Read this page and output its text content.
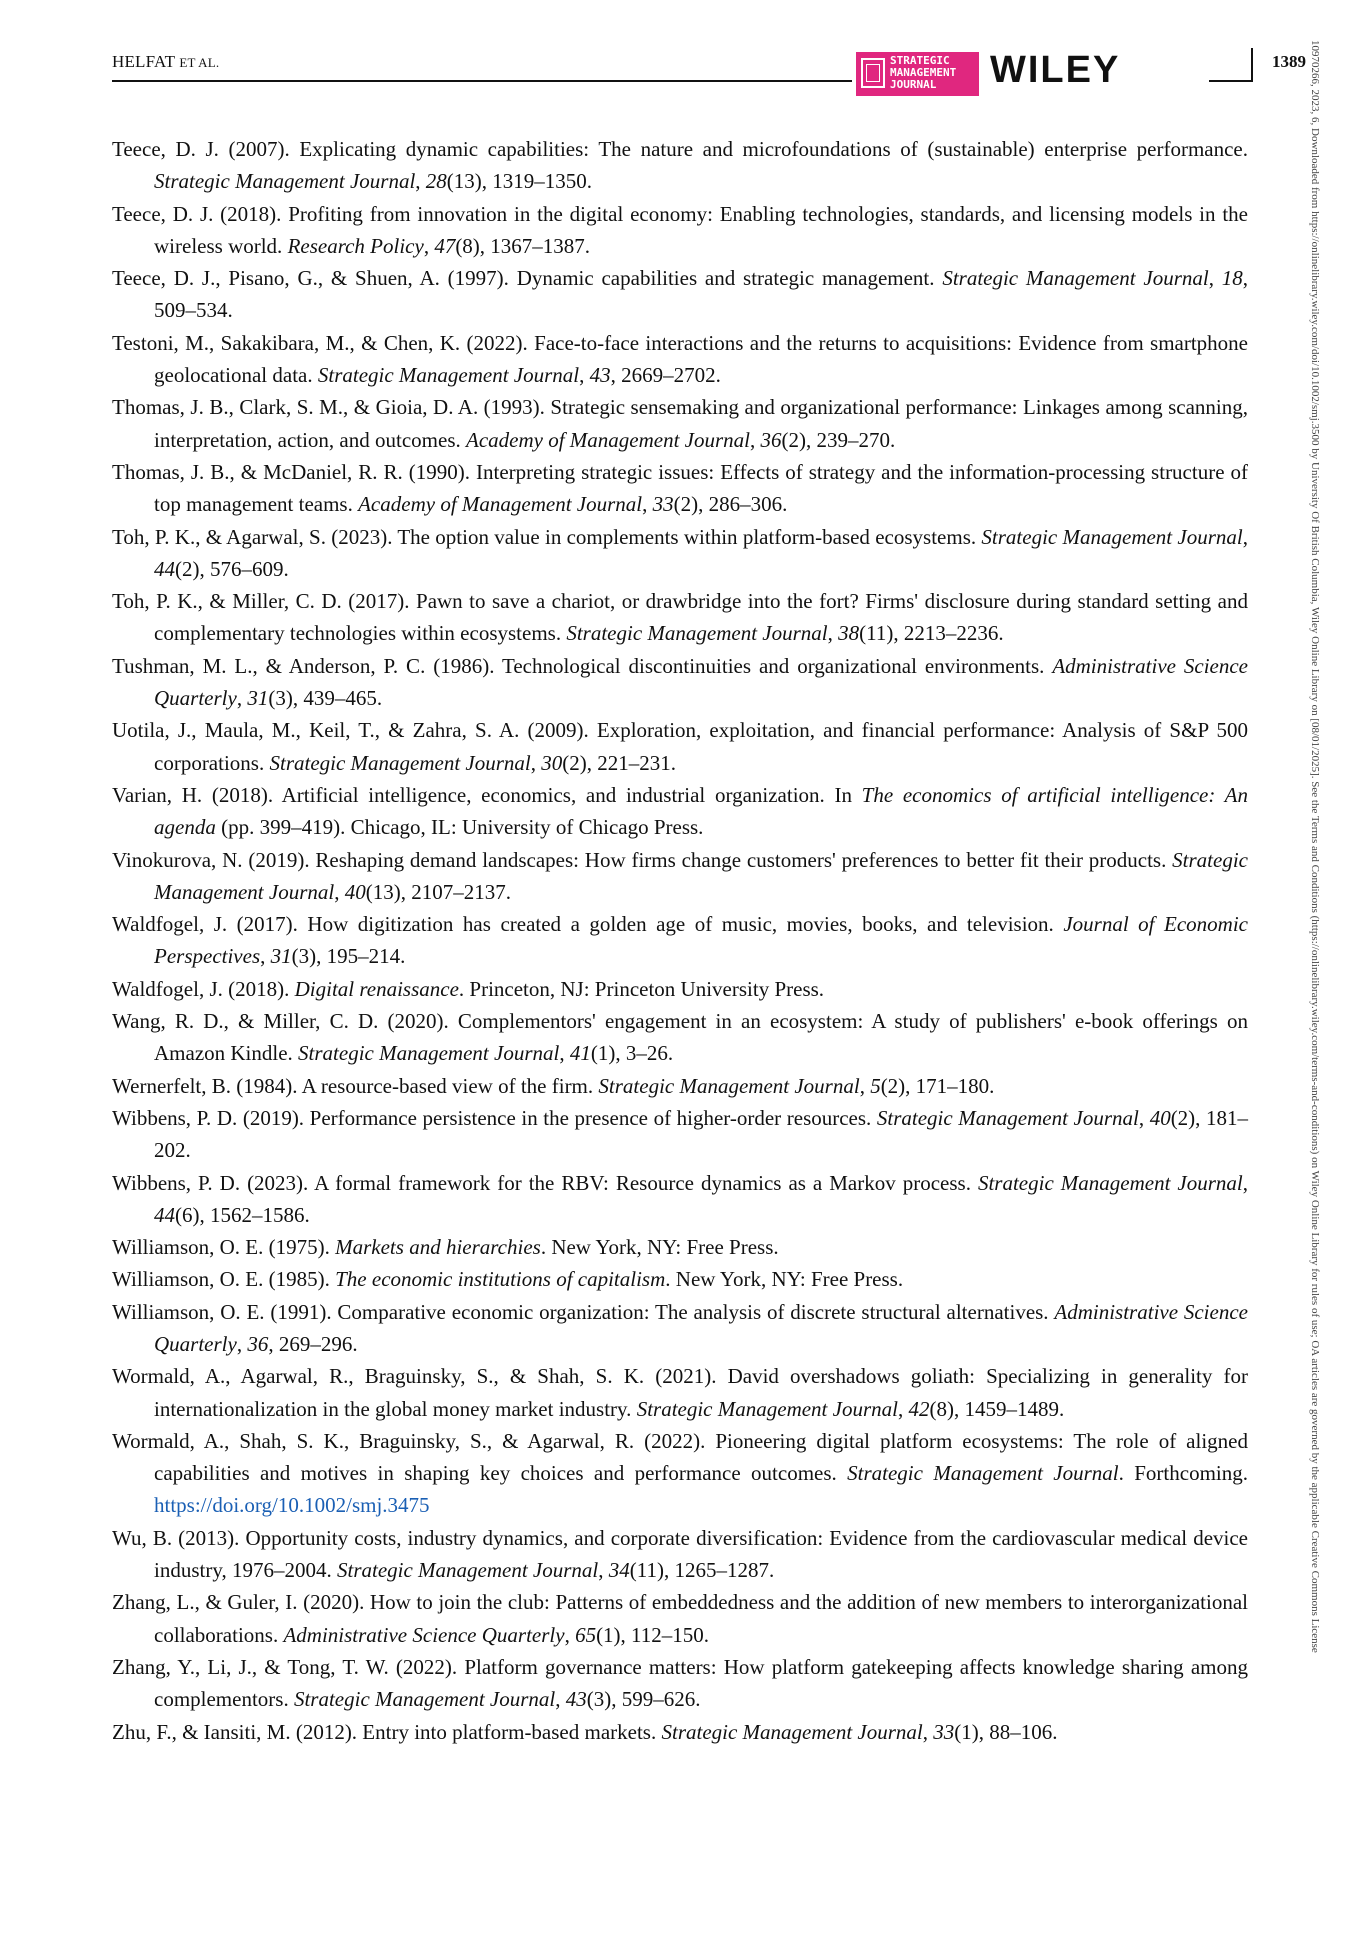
HELFAT ET AL.	STRATEGIC
MANAGEMENT
JOURNAL	WILEY	1389
Teece, D. J. (2007). Explicating dynamic capabilities: The nature and microfoundations of (sustainable) enterprise performance. Strategic Management Journal, 28(13), 1319–1350.
Teece, D. J. (2018). Profiting from innovation in the digital economy: Enabling technologies, standards, and licensing models in the wireless world. Research Policy, 47(8), 1367–1387.
Teece, D. J., Pisano, G., & Shuen, A. (1997). Dynamic capabilities and strategic management. Strategic Management Journal, 18, 509–534.
Testoni, M., Sakakibara, M., & Chen, K. (2022). Face-to-face interactions and the returns to acquisitions: Evidence from smartphone geolocational data. Strategic Management Journal, 43, 2669–2702.
Thomas, J. B., Clark, S. M., & Gioia, D. A. (1993). Strategic sensemaking and organizational performance: Linkages among scanning, interpretation, action, and outcomes. Academy of Management Journal, 36(2), 239–270.
Thomas, J. B., & McDaniel, R. R. (1990). Interpreting strategic issues: Effects of strategy and the information-processing structure of top management teams. Academy of Management Journal, 33(2), 286–306.
Toh, P. K., & Agarwal, S. (2023). The option value in complements within platform-based ecosystems. Strategic Management Journal, 44(2), 576–609.
Toh, P. K., & Miller, C. D. (2017). Pawn to save a chariot, or drawbridge into the fort? Firms' disclosure during standard setting and complementary technologies within ecosystems. Strategic Management Journal, 38(11), 2213–2236.
Tushman, M. L., & Anderson, P. C. (1986). Technological discontinuities and organizational environments. Administrative Science Quarterly, 31(3), 439–465.
Uotila, J., Maula, M., Keil, T., & Zahra, S. A. (2009). Exploration, exploitation, and financial performance: Analysis of S&P 500 corporations. Strategic Management Journal, 30(2), 221–231.
Varian, H. (2018). Artificial intelligence, economics, and industrial organization. In The economics of artificial intelligence: An agenda (pp. 399–419). Chicago, IL: University of Chicago Press.
Vinokurova, N. (2019). Reshaping demand landscapes: How firms change customers' preferences to better fit their products. Strategic Management Journal, 40(13), 2107–2137.
Waldfogel, J. (2017). How digitization has created a golden age of music, movies, books, and television. Journal of Economic Perspectives, 31(3), 195–214.
Waldfogel, J. (2018). Digital renaissance. Princeton, NJ: Princeton University Press.
Wang, R. D., & Miller, C. D. (2020). Complementors' engagement in an ecosystem: A study of publishers' e-book offerings on Amazon Kindle. Strategic Management Journal, 41(1), 3–26.
Wernerfelt, B. (1984). A resource-based view of the firm. Strategic Management Journal, 5(2), 171–180.
Wibbens, P. D. (2019). Performance persistence in the presence of higher-order resources. Strategic Management Journal, 40(2), 181–202.
Wibbens, P. D. (2023). A formal framework for the RBV: Resource dynamics as a Markov process. Strategic Management Journal, 44(6), 1562–1586.
Williamson, O. E. (1975). Markets and hierarchies. New York, NY: Free Press.
Williamson, O. E. (1985). The economic institutions of capitalism. New York, NY: Free Press.
Williamson, O. E. (1991). Comparative economic organization: The analysis of discrete structural alternatives. Administrative Science Quarterly, 36, 269–296.
Wormald, A., Agarwal, R., Braguinsky, S., & Shah, S. K. (2021). David overshadows goliath: Specializing in generality for internationalization in the global money market industry. Strategic Management Journal, 42(8), 1459–1489.
Wormald, A., Shah, S. K., Braguinsky, S., & Agarwal, R. (2022). Pioneering digital platform ecosystems: The role of aligned capabilities and motives in shaping key choices and performance outcomes. Strategic Management Journal. Forthcoming. https://doi.org/10.1002/smj.3475
Wu, B. (2013). Opportunity costs, industry dynamics, and corporate diversification: Evidence from the cardiovascular medical device industry, 1976–2004. Strategic Management Journal, 34(11), 1265–1287.
Zhang, L., & Guler, I. (2020). How to join the club: Patterns of embeddedness and the addition of new members to interorganizational collaborations. Administrative Science Quarterly, 65(1), 112–150.
Zhang, Y., Li, J., & Tong, T. W. (2022). Platform governance matters: How platform gatekeeping affects knowledge sharing among complementors. Strategic Management Journal, 43(3), 599–626.
Zhu, F., & Iansiti, M. (2012). Entry into platform-based markets. Strategic Management Journal, 33(1), 88–106.
10970266, 2023, 6, Downloaded from https://onlinelibrary.wiley.com/doi/10.1002/smj.3500 by University Of British Columbia, Wiley Online Library on [08/01/2025]. See the Terms and Conditions (https://onlinelibrary.wiley.com/terms-and-conditions) on Wiley Online Library for rules of use; OA articles are governed by the applicable Creative Commons License
